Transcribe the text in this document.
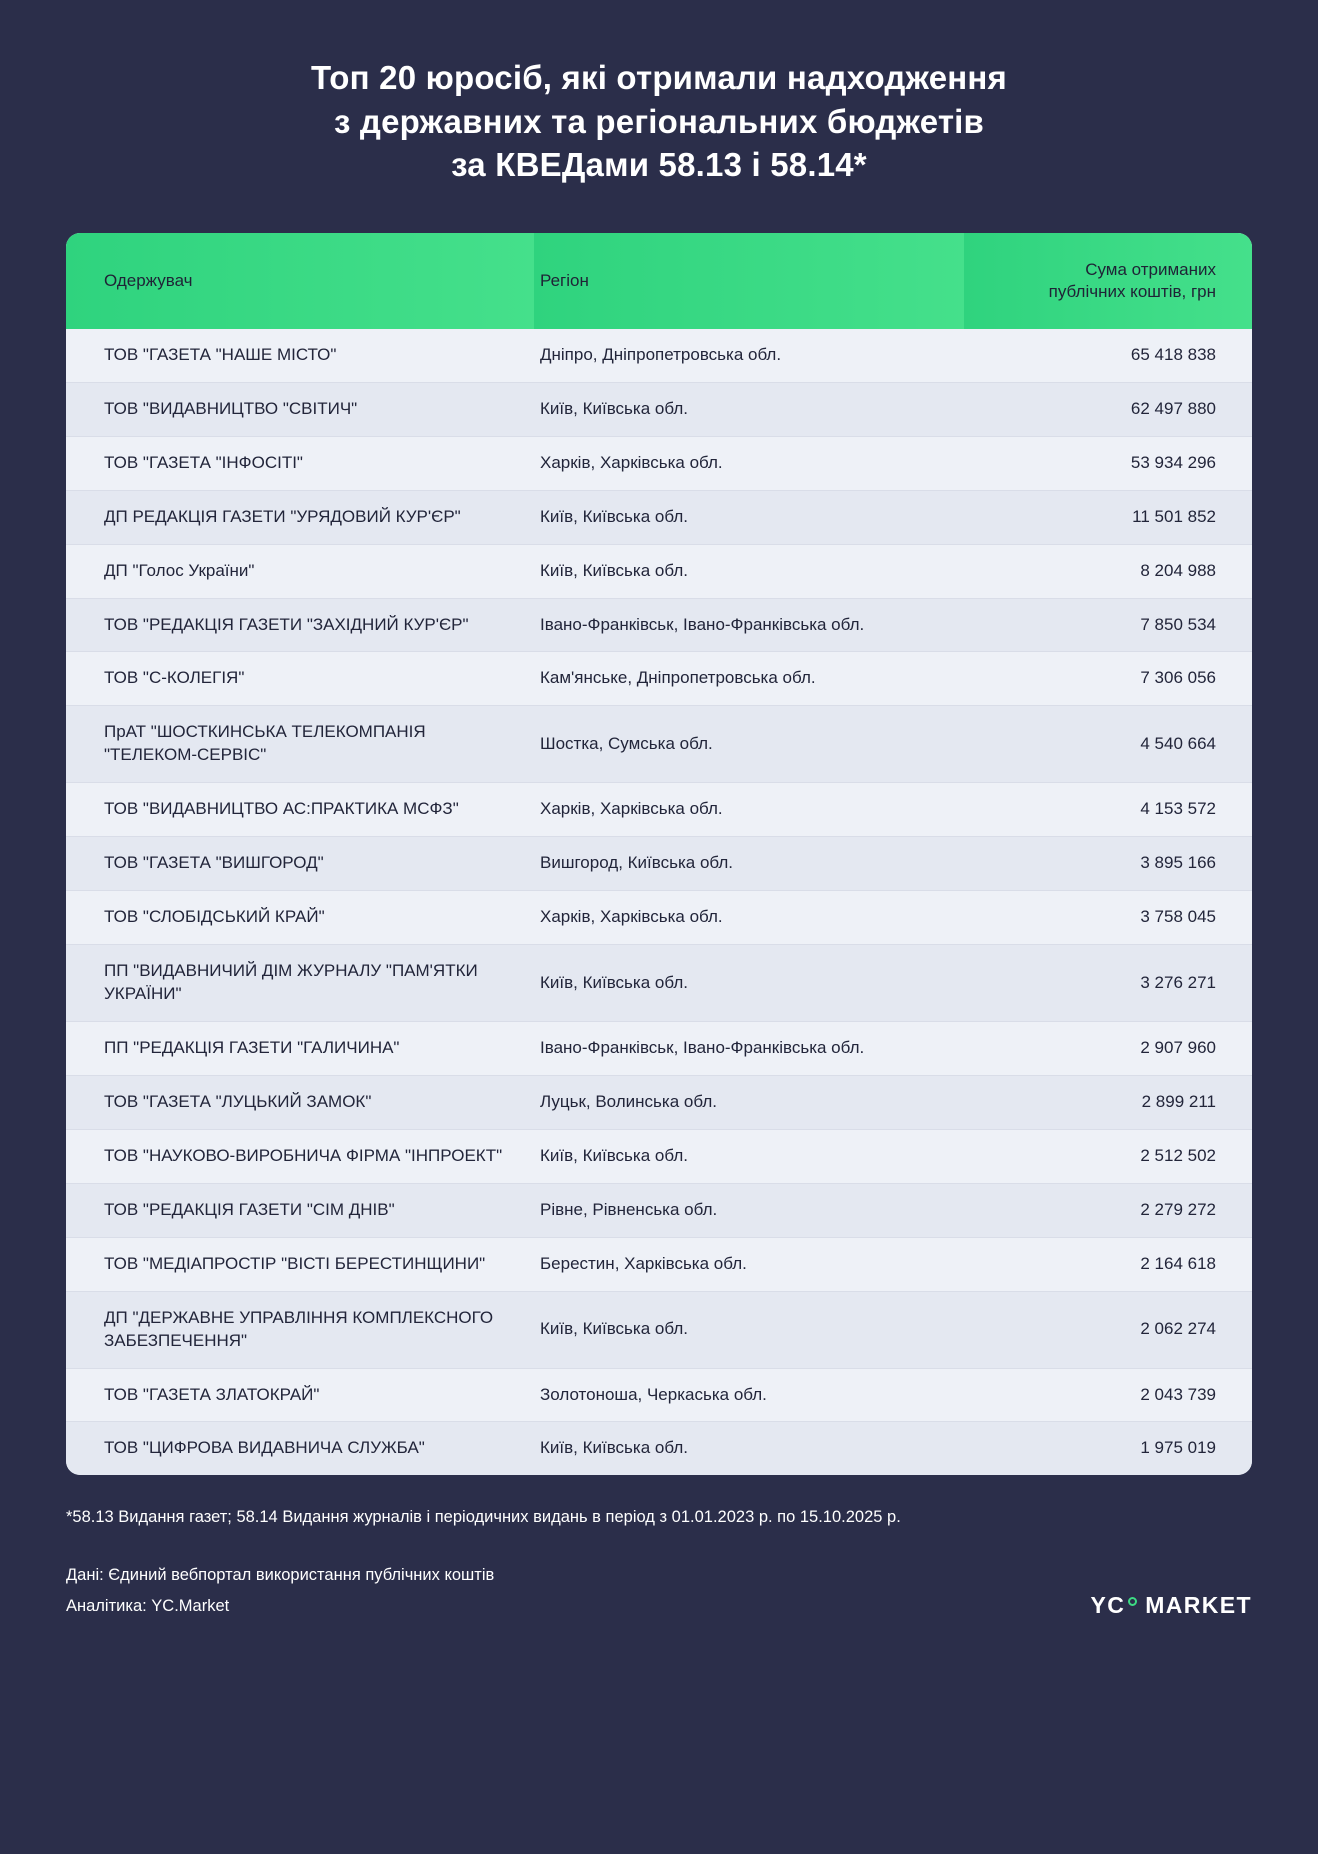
Топ 20 юросіб, які отримали надходження
з державних та регіональних бюджетів
за КВЕДами 58.13 і 58.14*
Одержувач	Регіон	Сума отриманих
публічних коштів, грн

ТОВ "ГАЗЕТА "НАШЕ МІСТО"	Дніпро, Дніпропетровська обл.	65 418 838
ТОВ "ВИДАВНИЦТВО "СВІТИЧ"	Київ, Київська обл.	62 497 880
ТОВ "ГАЗЕТА "ІНФОСІТІ"	Харків, Харківська обл.	53 934 296
ДП РЕДАКЦІЯ ГАЗЕТИ "УРЯДОВИЙ КУР'ЄР"	Київ, Київська обл.	11 501 852
ДП "Голос України"	Київ, Київська обл.	8 204 988
ТОВ "РЕДАКЦІЯ ГАЗЕТИ "ЗАХІДНИЙ КУР'ЄР"	Івано-Франківськ, Івано-Франківська обл.	7 850 534
ТОВ "С-КОЛЕГІЯ"	Кам'янське, Дніпропетровська обл.	7 306 056
ПрАТ "ШОСТКИНСЬКА ТЕЛЕКОМПАНІЯ "ТЕЛЕКОМ-СЕРВІС"	Шостка, Сумська обл.	4 540 664
ТОВ "ВИДАВНИЦТВО АС:ПРАКТИКА МСФЗ"	Харків, Харківська обл.	4 153 572
ТОВ "ГАЗЕТА "ВИШГОРОД"	Вишгород, Київська обл.	3 895 166
ТОВ "СЛОБІДСЬКИЙ КРАЙ"	Харків, Харківська обл.	3 758 045
ПП "ВИДАВНИЧИЙ ДІМ ЖУРНАЛУ "ПАМ'ЯТКИ УКРАЇНИ"	Київ, Київська обл.	3 276 271
ПП "РЕДАКЦІЯ ГАЗЕТИ "ГАЛИЧИНА"	Івано-Франківськ, Івано-Франківська обл.	2 907 960
ТОВ "ГАЗЕТА "ЛУЦЬКИЙ ЗАМОК"	Луцьк, Волинська обл.	2 899 211
ТОВ "НАУКОВО-ВИРОБНИЧА ФІРМА "ІНПРОЕКТ"	Київ, Київська обл.	2 512 502
ТОВ "РЕДАКЦІЯ ГАЗЕТИ "СІМ ДНІВ"	Рівне, Рівненська обл.	2 279 272
ТОВ "МЕДІАПРОСТІР "ВІСТІ БЕРЕСТИНЩИНИ"	Берестин, Харківська обл.	2 164 618
ДП "ДЕРЖАВНЕ УПРАВЛІННЯ КОМПЛЕКСНОГО ЗАБЕЗПЕЧЕННЯ"	Київ, Київська обл.	2 062 274
ТОВ "ГАЗЕТА ЗЛАТОКРАЙ"	Золотоноша, Черкаська обл.	2 043 739
ТОВ "ЦИФРОВА ВИДАВНИЧА СЛУЖБА"	Київ, Київська обл.	1 975 019
*58.13 Видання газет; 58.14 Видання журналів і періодичних видань в період з 01.01.2023 р. по 15.10.2025 р.
Дані: Єдиний вебпортал використання публічних коштів
Аналітика: YC.Market	YC MARKET
